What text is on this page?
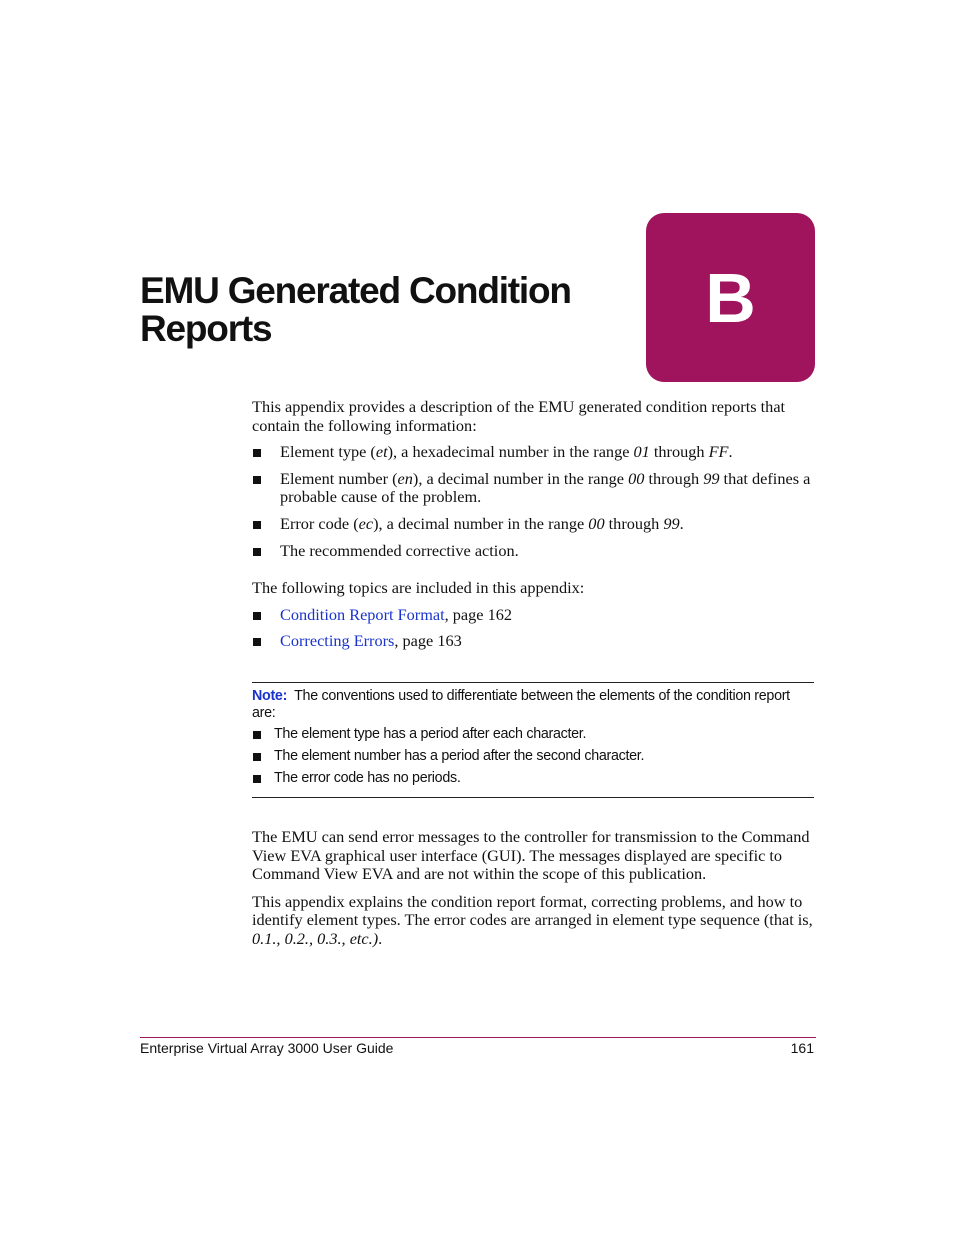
EMU Generated Condition
Reports	B

This appendix provides a description of the EMU generated condition reports that contain the following information:

Element type (et), a hexadecimal number in the range 01 through FF.
Element number (en), a decimal number in the range 00 through 99 that defines a probable cause of the problem.
Error code (ec), a decimal number in the range 00 through 99.
The recommended corrective action.

The following topics are included in this appendix:

Condition Report Format, page 162
Correcting Errors, page 163
Note: The conventions used to differentiate between the elements of the condition report are:
The element type has a period after each character.
The element number has a period after the second character.
The error code has no periods.

The EMU can send error messages to the controller for transmission to the Command View EVA graphical user interface (GUI). The messages displayed are specific to Command View EVA and are not within the scope of this publication.

This appendix explains the condition report format, correcting problems, and how to identify element types. The error codes are arranged in element type sequence (that is, 0.1., 0.2., 0.3., etc.).

Enterprise Virtual Array 3000 User Guide	161
